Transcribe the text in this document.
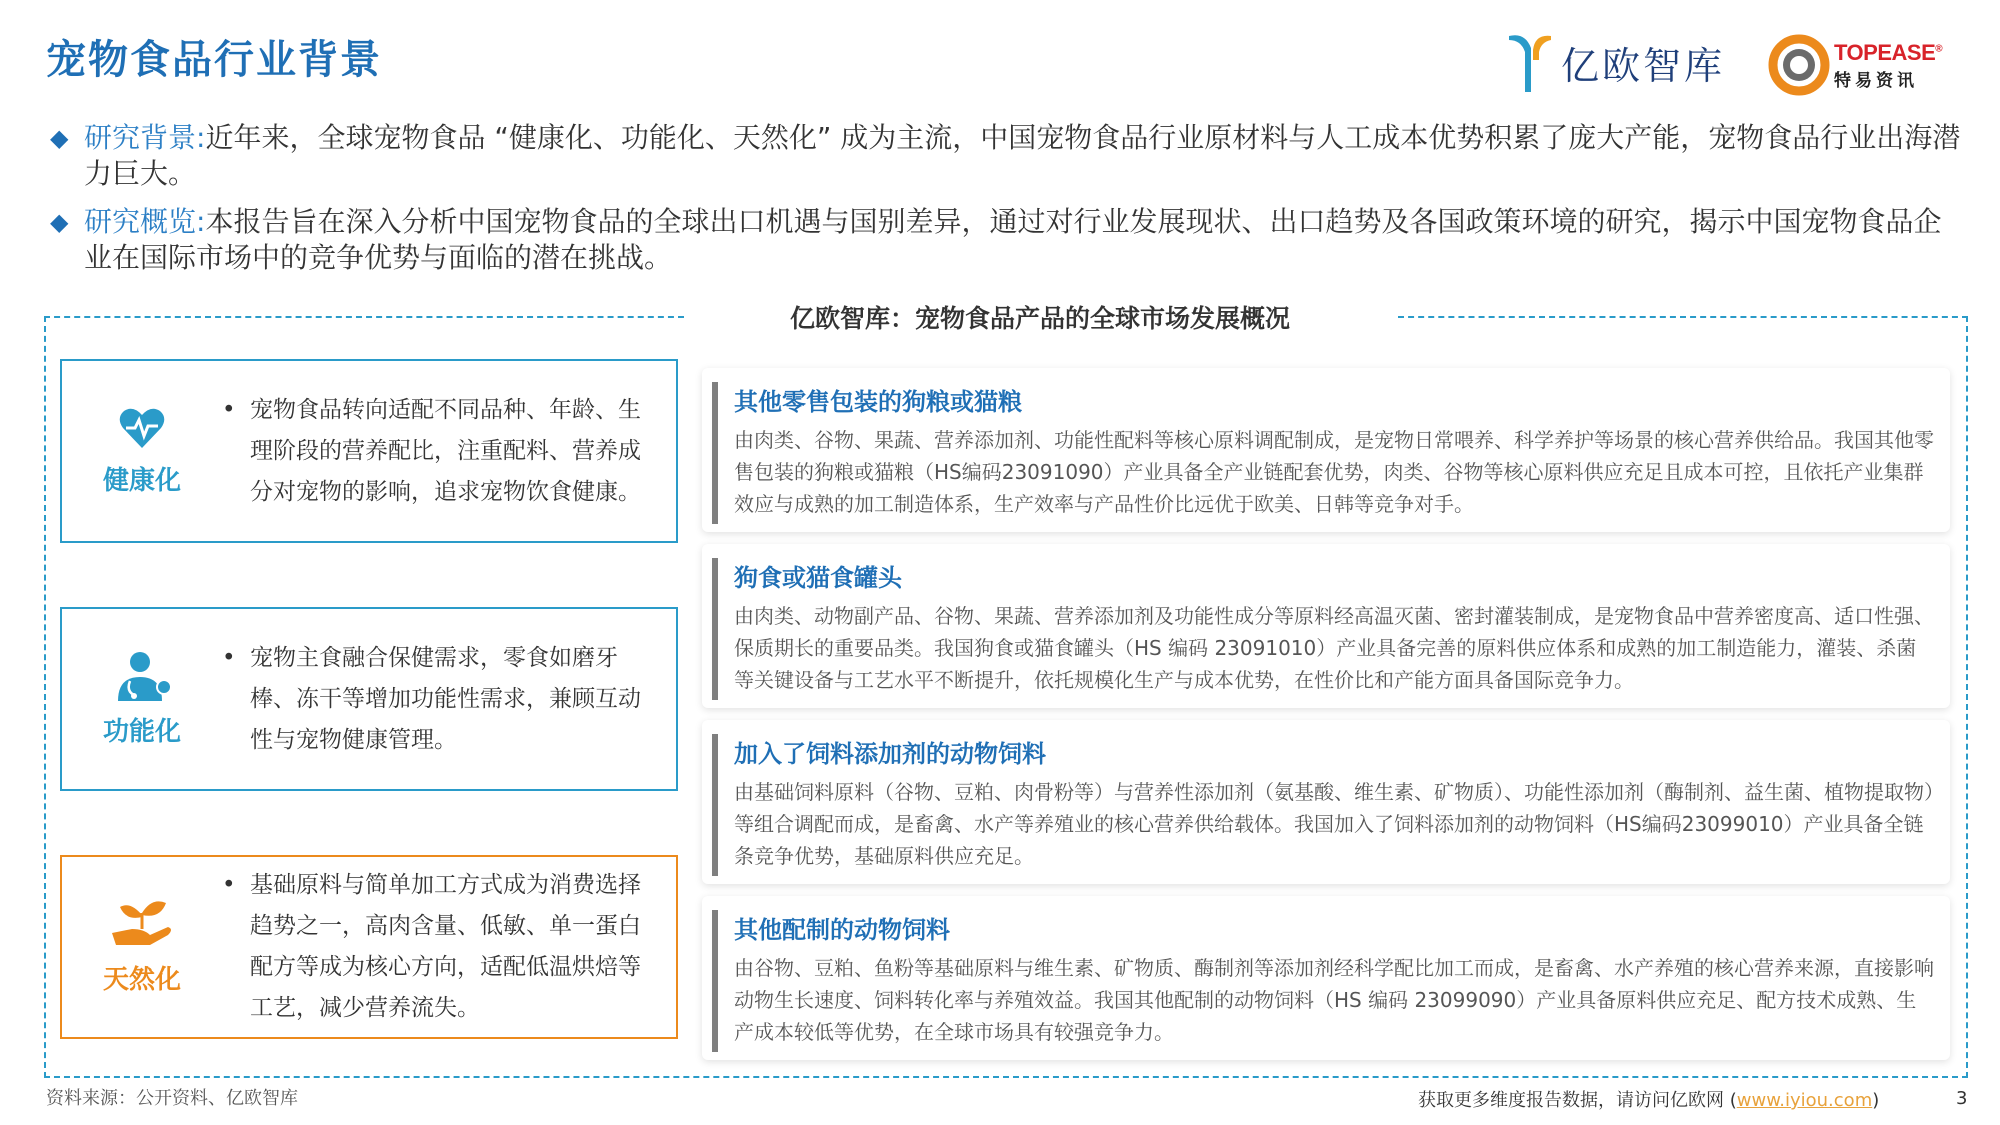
宠物食品行业背景	亿欧智库	TOPEASE®
特易资讯
◆ 研究背景:近年来，全球宠物食品 “健康化、功能化、天然化” 成为主流，中国宠物食品行业原材料与人工成本优势积累了庞大产能，宠物食品行业出海潜力巨大。
◆ 研究概览:本报告旨在深入分析中国宠物食品的全球出口机遇与国别差异，通过对行业发展现状、出口趋势及各国政策环境的研究，揭示中国宠物食品企业在国际市场中的竞争优势与面临的潜在挑战。
亿欧智库：宠物食品产品的全球市场发展概况
健康化
• 宠物食品转向适配不同品种、年龄、生理阶段的营养配比，注重配料、营养成分对宠物的影响，追求宠物饮食健康。
功能化
• 宠物主食融合保健需求，零食如磨牙棒、冻干等增加功能性需求，兼顾互动性与宠物健康管理。
天然化
• 基础原料与简单加工方式成为消费选择趋势之一，高肉含量、低敏、单一蛋白配方等成为核心方向，适配低温烘焙等工艺，减少营养流失。
其他零售包装的狗粮或猫粮
由肉类、谷物、果蔬、营养添加剂、功能性配料等核心原料调配制成，是宠物日常喂养、科学养护等场景的核心营养供给品。我国其他零售包装的狗粮或猫粮（HS编码23091090）产业具备全产业链配套优势，肉类、谷物等核心原料供应充足且成本可控，且依托产业集群效应与成熟的加工制造体系，生产效率与产品性价比远优于欧美、日韩等竞争对手。
狗食或猫食罐头
由肉类、动物副产品、谷物、果蔬、营养添加剂及功能性成分等原料经高温灭菌、密封灌装制成，是宠物食品中营养密度高、适口性强、保质期长的重要品类。我国狗食或猫食罐头（HS 编码 23091010）产业具备完善的原料供应体系和成熟的加工制造能力，灌装、杀菌等关键设备与工艺水平不断提升，依托规模化生产与成本优势，在性价比和产能方面具备国际竞争力。
加入了饲料添加剂的动物饲料
由基础饲料原料（谷物、豆粕、肉骨粉等）与营养性添加剂（氨基酸、维生素、矿物质）、功能性添加剂（酶制剂、益生菌、植物提取物）等组合调配而成，是畜禽、水产等养殖业的核心营养供给载体。我国加入了饲料添加剂的动物饲料（HS编码23099010）产业具备全链条竞争优势，基础原料供应充足。
其他配制的动物饲料
由谷物、豆粕、鱼粉等基础原料与维生素、矿物质、酶制剂等添加剂经科学配比加工而成，是畜禽、水产养殖的核心营养来源，直接影响动物生长速度、饲料转化率与养殖效益。我国其他配制的动物饲料（HS 编码 23099090）产业具备原料供应充足、配方技术成熟、生产成本较低等优势，在全球市场具有较强竞争力。
资料来源：公开资料、亿欧智库	获取更多维度报告数据，请访问亿欧网 (www.iyiou.com)	3
